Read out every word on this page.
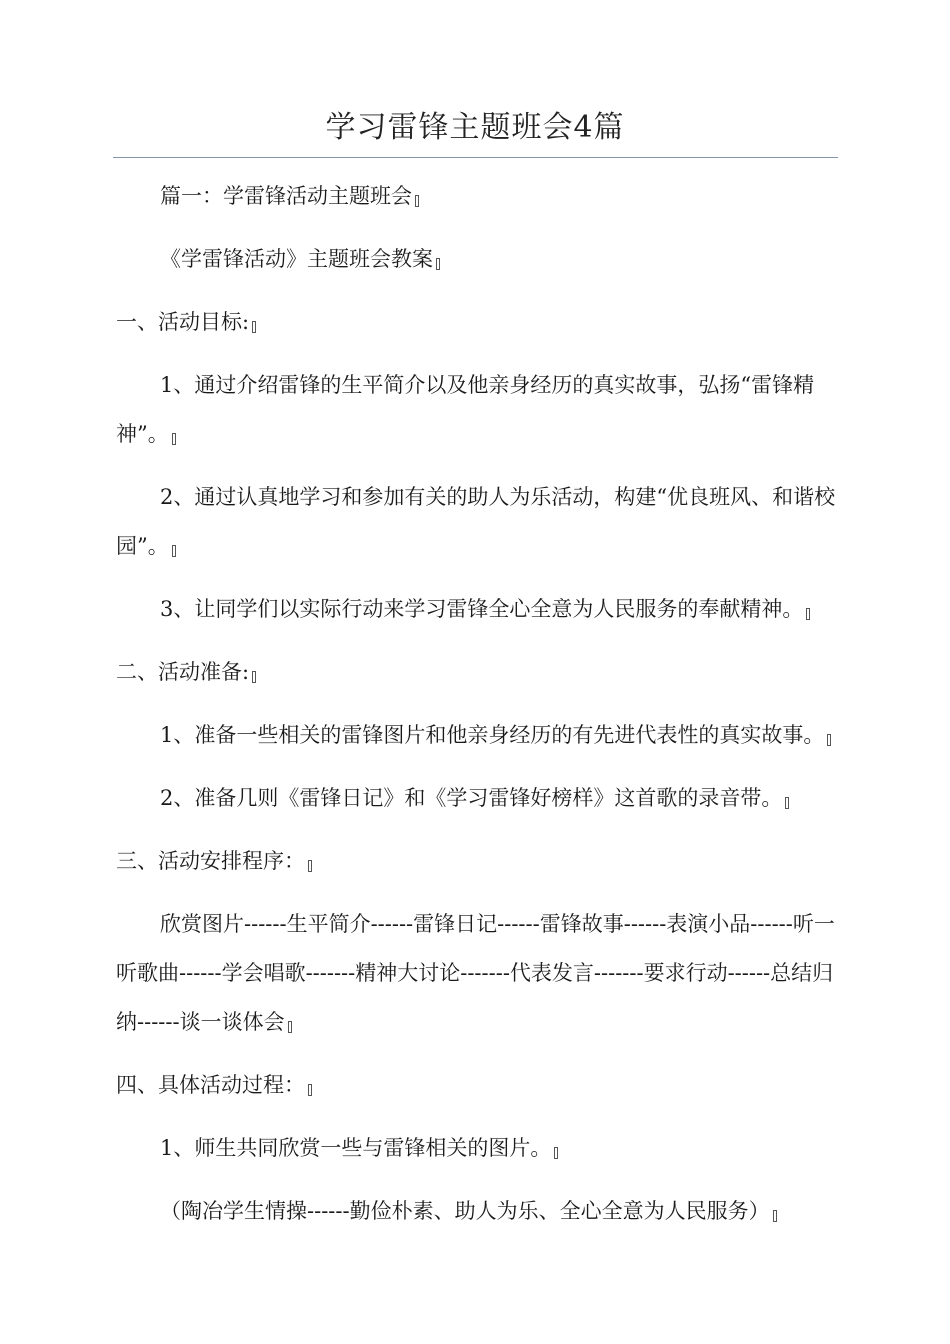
学习雷锋主题班会4篇

篇一：学雷锋活动主题班会

《学雷锋活动》主题班会教案

一、活动目标:

1、通过介绍雷锋的生平简介以及他亲身经历的真实故事，弘扬“雷锋精神”。

2、通过认真地学习和参加有关的助人为乐活动，构建“优良班风、和谐校园”。

3、让同学们以实际行动来学习雷锋全心全意为人民服务的奉献精神。

二、活动准备:

1、准备一些相关的雷锋图片和他亲身经历的有先进代表性的真实故事。

2、准备几则《雷锋日记》和《学习雷锋好榜样》这首歌的录音带。

三、活动安排程序：

欣赏图片------生平简介------雷锋日记------雷锋故事------表演小品------听一听歌曲------学会唱歌-------精神大讨论-------代表发言-------要求行动------总结归纳------谈一谈体会

四、具体活动过程：

1、师生共同欣赏一些与雷锋相关的图片。

（陶冶学生情操------勤俭朴素、助人为乐、全心全意为人民服务）
